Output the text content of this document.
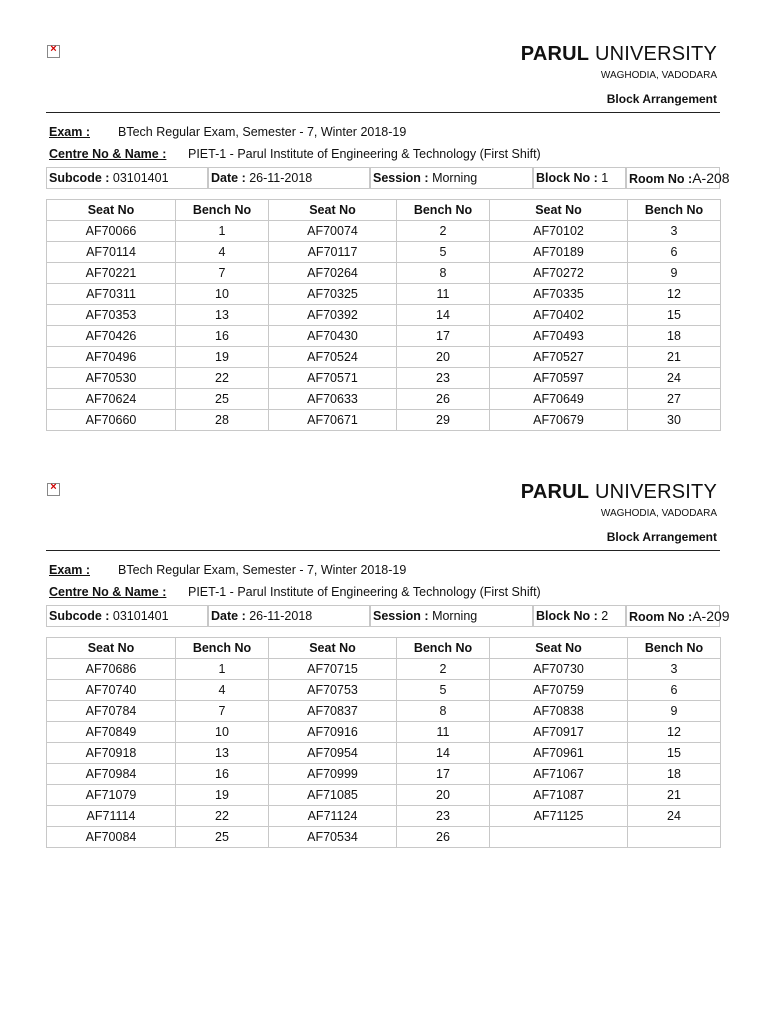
×
PARUL UNIVERSITY
WAGHODIA, VADODARA
Block Arrangement
Exam : BTech Regular Exam, Semester - 7, Winter 2018-19
Centre No & Name : PIET-1 - Parul Institute of Engineering & Technology (First Shift)
Subcode : 03101401	Date : 26-11-2018	Session : Morning	Block No : 1	Room No :A-208
Seat No	Bench No	Seat No	Bench No	Seat No	Bench No
AF70066	1	AF70074	2	AF70102	3
AF70114	4	AF70117	5	AF70189	6
AF70221	7	AF70264	8	AF70272	9
AF70311	10	AF70325	11	AF70335	12
AF70353	13	AF70392	14	AF70402	15
AF70426	16	AF70430	17	AF70493	18
AF70496	19	AF70524	20	AF70527	21
AF70530	22	AF70571	23	AF70597	24
AF70624	25	AF70633	26	AF70649	27
AF70660	28	AF70671	29	AF70679	30
×
PARUL UNIVERSITY
WAGHODIA, VADODARA
Block Arrangement
Exam : BTech Regular Exam, Semester - 7, Winter 2018-19
Centre No & Name : PIET-1 - Parul Institute of Engineering & Technology (First Shift)
Subcode : 03101401	Date : 26-11-2018	Session : Morning	Block No : 2	Room No :A-209
Seat No	Bench No	Seat No	Bench No	Seat No	Bench No
AF70686	1	AF70715	2	AF70730	3
AF70740	4	AF70753	5	AF70759	6
AF70784	7	AF70837	8	AF70838	9
AF70849	10	AF70916	11	AF70917	12
AF70918	13	AF70954	14	AF70961	15
AF70984	16	AF70999	17	AF71067	18
AF71079	19	AF71085	20	AF71087	21
AF71114	22	AF71124	23	AF71125	24
AF70084	25	AF70534	26		
